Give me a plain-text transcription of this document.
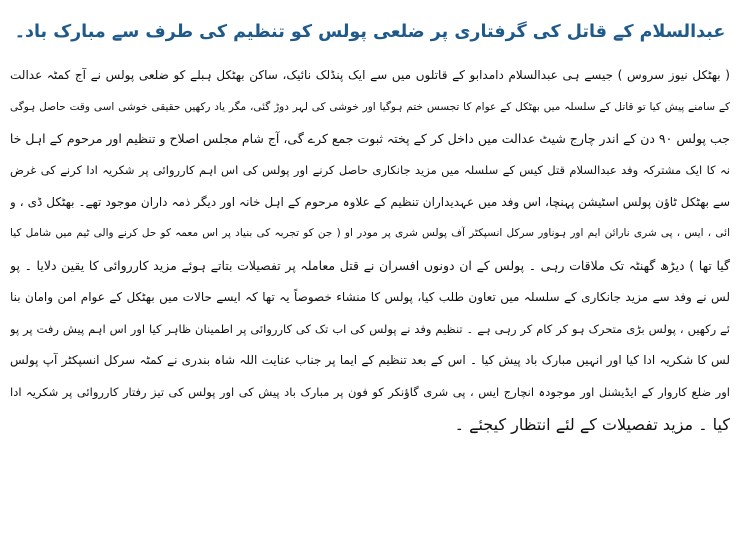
عبدالسلام کے قاتل کی گرفتاری پر ضلعی پولس کو تنظیم کی طرف سے مبارک باد۔
( بھٹکل نیوز سروس ) جیسے ہی عبدالسلام دامدابو کے قاتلوں میں سے ایک پنڈلک نائیک، ساکن بھٹکل ہبلے کو ضلعی پولس نے آج کمٹہ عدالت
کے سامنے پیش کیا تو قاتل کے سلسلہ میں بھٹکل کے عوام کا تجسس ختم ہوگیا اور خوشی کی لہر دوڑ گئی، مگر یاد رکھیں حقیقی خوشی اسی وقت حاصل ہوگی
جب پولس ۹۰ دن کے اندر چارج شیٹ عدالت میں داخل کر کے پختہ ثبوت جمع کرے گی، آج شام مجلس اصلاح و تنظیم اور مرحوم کے اہل خا
نہ کا ایک مشترکہ وفد عبدالسلام قتل کیس کے سلسلہ میں مزید جانکاری حاصل کرنے اور پولس کی اس اہم کارروائی پر شکریہ ادا کرنے کی غرض
سے بھٹکل ٹاؤن پولس اسٹیشن پہنچا، اس وفد میں عہدیداران تنظیم کے علاوہ مرحوم کے اہل خانہ اور دیگر ذمہ داران موجود تھے۔ بھٹکل ڈی ، و
ائی ، ایس ، پی شری نارائن ایم اور ہوناور سرکل انسپکٹر آف پولس شری پر مودر او ( جن کو تجربہ کی بنیاد پر اس معمہ کو حل کرنے والی ٹیم میں شامل کیا
گیا تھا ) دیڑھ گھنٹہ تک ملاقات رہی ۔ پولس کے ان دونوں افسران نے قتل معاملہ پر تفصیلات بتاتے ہوئے مزید کارروائی کا یقین دلایا ۔ پو
لس نے وفد سے مزید جانکاری کے سلسلہ میں تعاون طلب کیا، پولس کا منشاء خصوصاً یہ تھا کہ ایسے حالات میں بھٹکل کے عوام امن وامان بنا
ئے رکھیں ، پولس بڑی متحرک ہو کر کام کر رہی ہے ۔ تنظیم وفد نے پولس کی اب تک کی کارروائی پر اطمینان ظاہر کیا اور اس اہم پیش رفت پر پو
لس کا شکریہ ادا کیا اور انہیں مبارک باد پیش کیا ۔ اس کے بعد تنظیم کے ایما پر جناب عنایت اللہ شاہ بندری نے کمٹہ سرکل انسپکٹر آپ پولس
اور ضلع کاروار کے ایڈیشنل اور موجودہ انچارج ایس ، پی شری گاؤنکر کو فون پر مبارک باد پیش کی اور پولس کی تیز رفتار کارروائی پر شکریہ ادا
کیا ۔ مزید تفصیلات کے لئے انتظار کیجئے ۔
